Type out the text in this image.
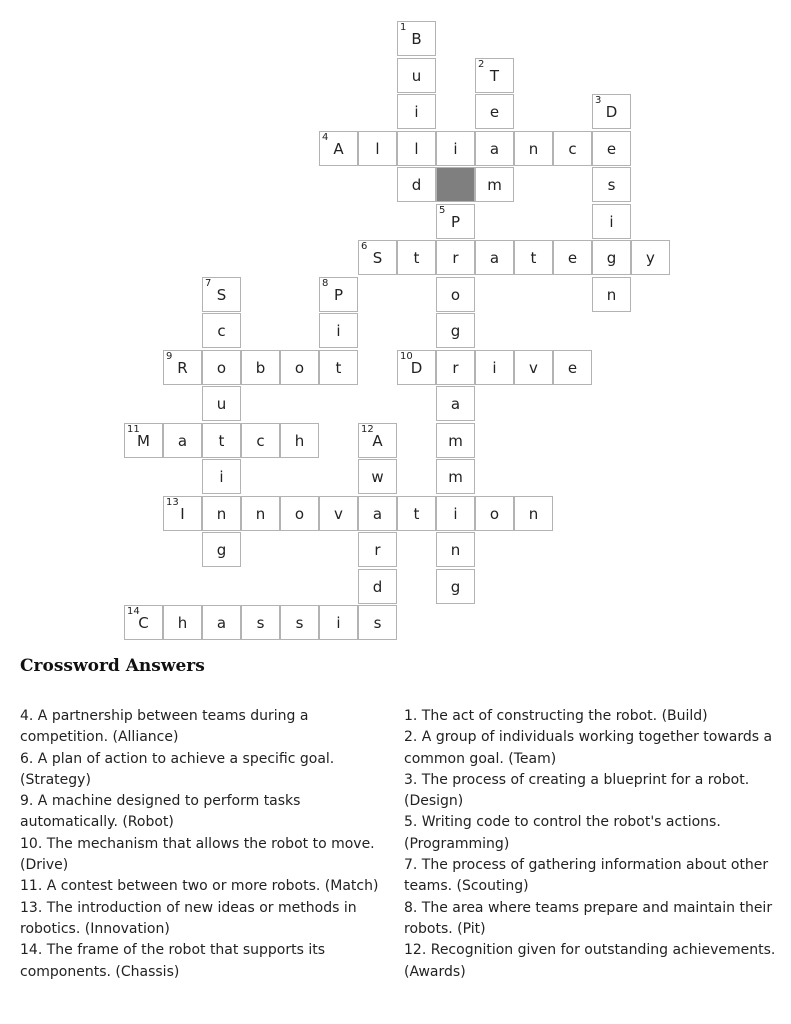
1
B
u
i
l
d
2
T
e
a
m
3
D
e
s
i
g
n
4
A	l	i	n	c
5
P
r
o
g
r
a
m
m
i
n
g
6
S	t	a	t	e	y
7
S
c
o
u
t
i
n
g
8
P
i
t
9
R	b	o
10
D	i	v	e
11
M	a	c	h
12
A
w
a
r
d
s
13
I	n	o	v	t	o	n
14
C	h	a	s	s	i
Crossword Answers

4. A partnership between teams during a competition. (Alliance)

6. A plan of action to achieve a specific goal. (Strategy)

9. A machine designed to perform tasks automatically. (Robot)

10. The mechanism that allows the robot to move. (Drive)

11. A contest between two or more robots. (Match)

13. The introduction of new ideas or methods in robotics. (Innovation)

14. The frame of the robot that supports its components. (Chassis)

1. The act of constructing the robot. (Build)

2. A group of individuals working together towards a common goal. (Team)

3. The process of creating a blueprint for a robot. (Design)

5. Writing code to control the robot's actions. (Programming)

7. The process of gathering information about other teams. (Scouting)

8. The area where teams prepare and maintain their robots. (Pit)

12. Recognition given for outstanding achievements. (Awards)
